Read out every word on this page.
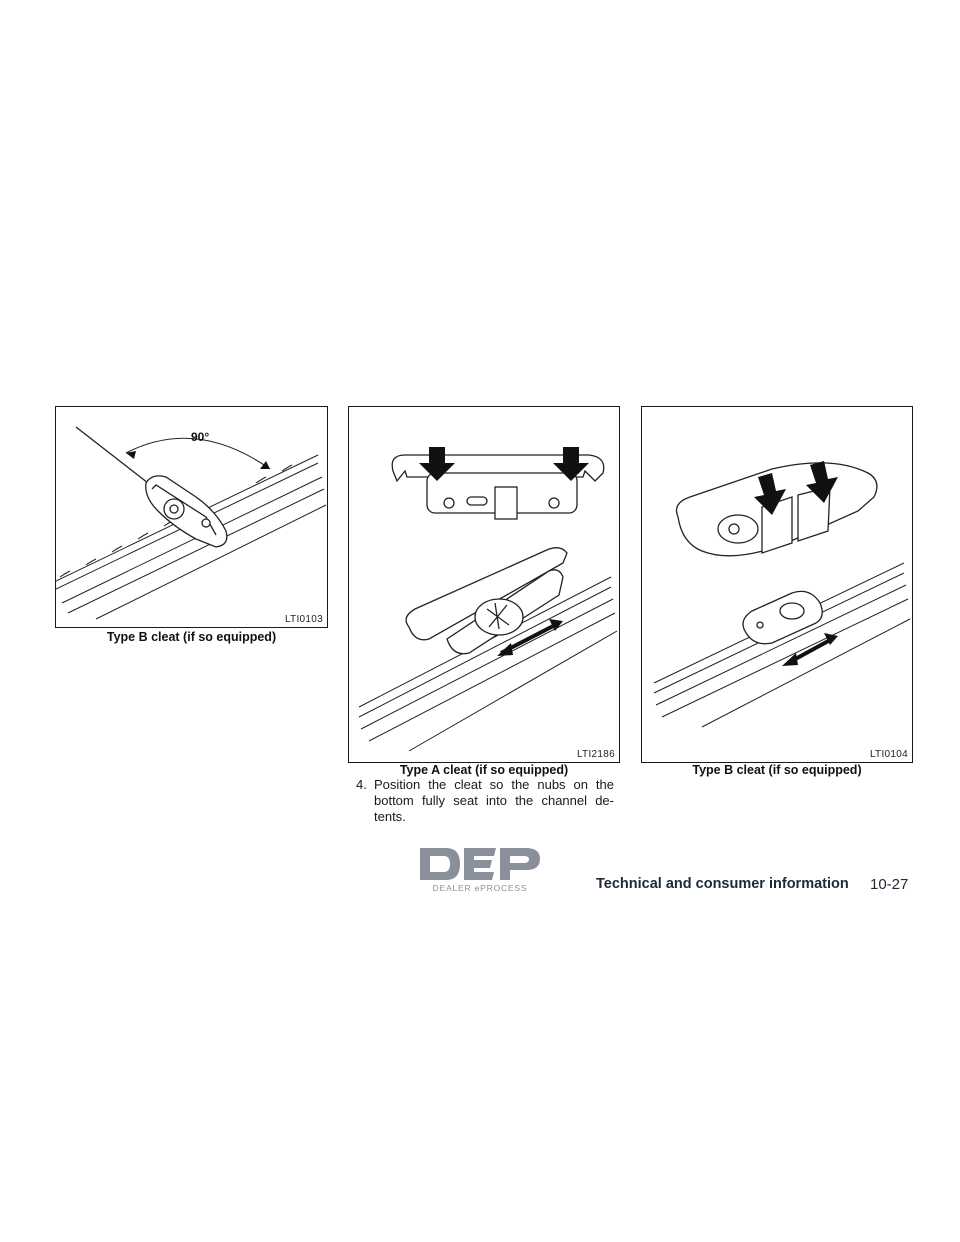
90°
LTI0103
Type B cleat (if so equipped)
LTI2186
Type A cleat (if so equipped)
LTI0104
Type B cleat (if so equipped)
4. Position the cleat so the nubs on the
bottom fully seat into the channel de-
tents.
DEALER ePROCESS	Technical and consumer information 10-27
